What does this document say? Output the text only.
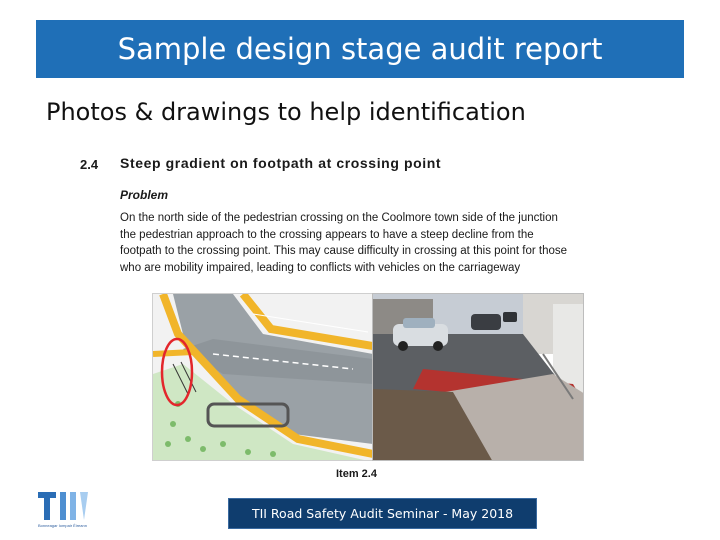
Sample design stage audit report
Photos & drawings to help identification
2.4 Steep gradient on footpath at crossing point
Problem
On the north side of the pedestrian crossing on the Coolmore town side of the junction
the pedestrian approach to the crossing appears to have a steep decline from the
footpath to the crossing point. This may cause difficulty in crossing at this point for those
who are mobility impaired, leading to conflicts with vehicles on the carriageway
Item 2.4
Bonneagar Iompair Éireann
TII Road Safety Audit Seminar - May 2018
